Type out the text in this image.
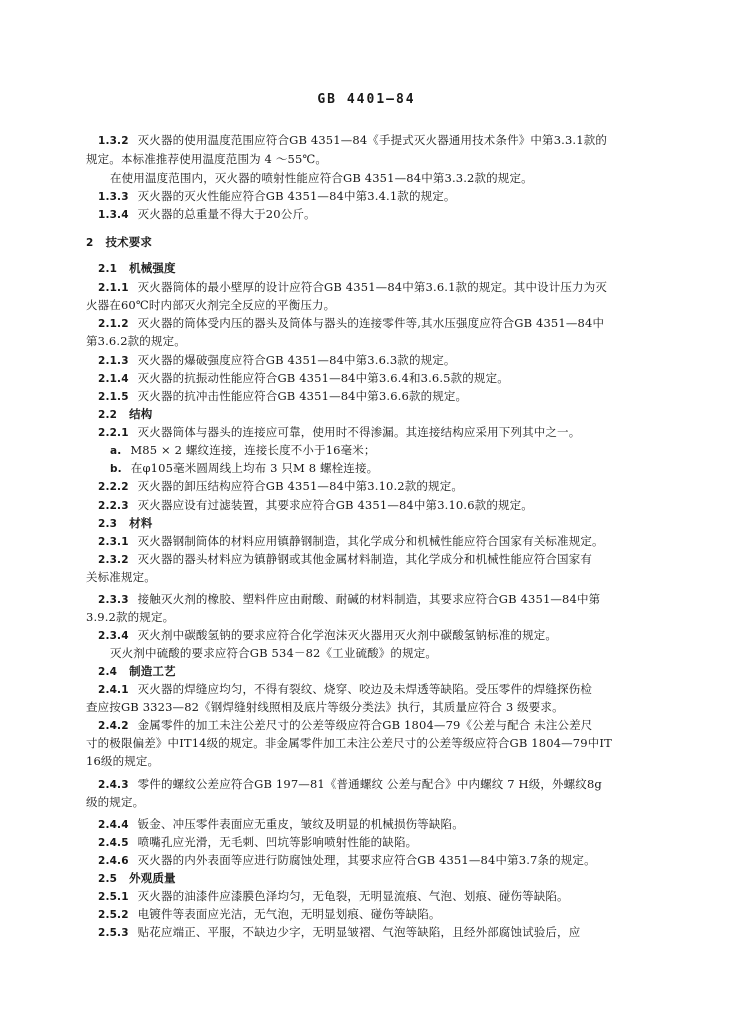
GB 4401—84
1.3.2 灭火器的使用温度范围应符合GB 4351—84《手提式灭火器通用技术条件》中第3.3.1款的
规定。本标准推荐使用温度范围为 4 ～55℃。
在使用温度范围内，灭火器的喷射性能应符合GB 4351—84中第3.3.2款的规定。
1.3.3 灭火器的灭火性能应符合GB 4351—84中第3.4.1款的规定。
1.3.4 灭火器的总重量不得大于20公斤。
2 技术要求
2.1 机械强度
2.1.1 灭火器筒体的最小壁厚的设计应符合GB 4351—84中第3.6.1款的规定。其中设计压力为灭
火器在60℃时内部灭火剂完全反应的平衡压力。
2.1.2 灭火器的筒体受内压的器头及筒体与器头的连接零件等,其水压强度应符合GB 4351—84中
第3.6.2款的规定。
2.1.3 灭火器的爆破强度应符合GB 4351—84中第3.6.3款的规定。
2.1.4 灭火器的抗振动性能应符合GB 4351—84中第3.6.4和3.6.5款的规定。
2.1.5 灭火器的抗冲击性能应符合GB 4351—84中第3.6.6款的规定。
2.2 结构
2.2.1 灭火器筒体与器头的连接应可靠，使用时不得渗漏。其连接结构应采用下列其中之一。
a. M85 × 2 螺纹连接，连接长度不小于16毫米；
b. 在φ105毫米圆周线上均布 3 只M 8 螺栓连接。
2.2.2 灭火器的卸压结构应符合GB 4351—84中第3.10.2款的规定。
2.2.3 灭火器应设有过滤装置，其要求应符合GB 4351—84中第3.10.6款的规定。
2.3 材料
2.3.1 灭火器钢制筒体的材料应用镇静钢制造，其化学成分和机械性能应符合国家有关标准规定。
2.3.2 灭火器的器头材料应为镇静钢或其他金属材料制造，其化学成分和机械性能应符合国家有
关标准规定。
2.3.3 接触灭火剂的橡胶、塑料件应由耐酸、耐碱的材料制造，其要求应符合GB 4351—84中第
3.9.2款的规定。
2.3.4 灭火剂中碳酸氢钠的要求应符合化学泡沫灭火器用灭火剂中碳酸氢钠标准的规定。
灭火剂中硫酸的要求应符合GB 534－82《工业硫酸》的规定。
2.4 制造工艺
2.4.1 灭火器的焊缝应均匀，不得有裂纹、烧穿、咬边及未焊透等缺陷。受压零件的焊缝探伤检
查应按GB 3323—82《钢焊缝射线照相及底片等级分类法》执行，其质量应符合 3 级要求。
2.4.2 金属零件的加工未注公差尺寸的公差等级应符合GB 1804—79《公差与配合 未注公差尺
寸的极限偏差》中IT14级的规定。非金属零件加工未注公差尺寸的公差等级应符合GB 1804—79中IT
16级的规定。
2.4.3 零件的螺纹公差应符合GB 197—81《普通螺纹 公差与配合》中内螺纹 7 H级，外螺纹8g
级的规定。
2.4.4 钣金、冲压零件表面应无重皮，皱纹及明显的机械损伤等缺陷。
2.4.5 喷嘴孔应光滑，无毛刺、凹坑等影响喷射性能的缺陷。
2.4.6 灭火器的内外表面等应进行防腐蚀处理，其要求应符合GB 4351—84中第3.7条的规定。
2.5 外观质量
2.5.1 灭火器的油漆件应漆膜色泽均匀，无龟裂，无明显流痕、气泡、划痕、碰伤等缺陷。
2.5.2 电镀件等表面应光洁，无气泡，无明显划痕、碰伤等缺陷。
2.5.3 贴花应端正、平服，不缺边少字，无明显皱褶、气泡等缺陷，且经外部腐蚀试验后，应
